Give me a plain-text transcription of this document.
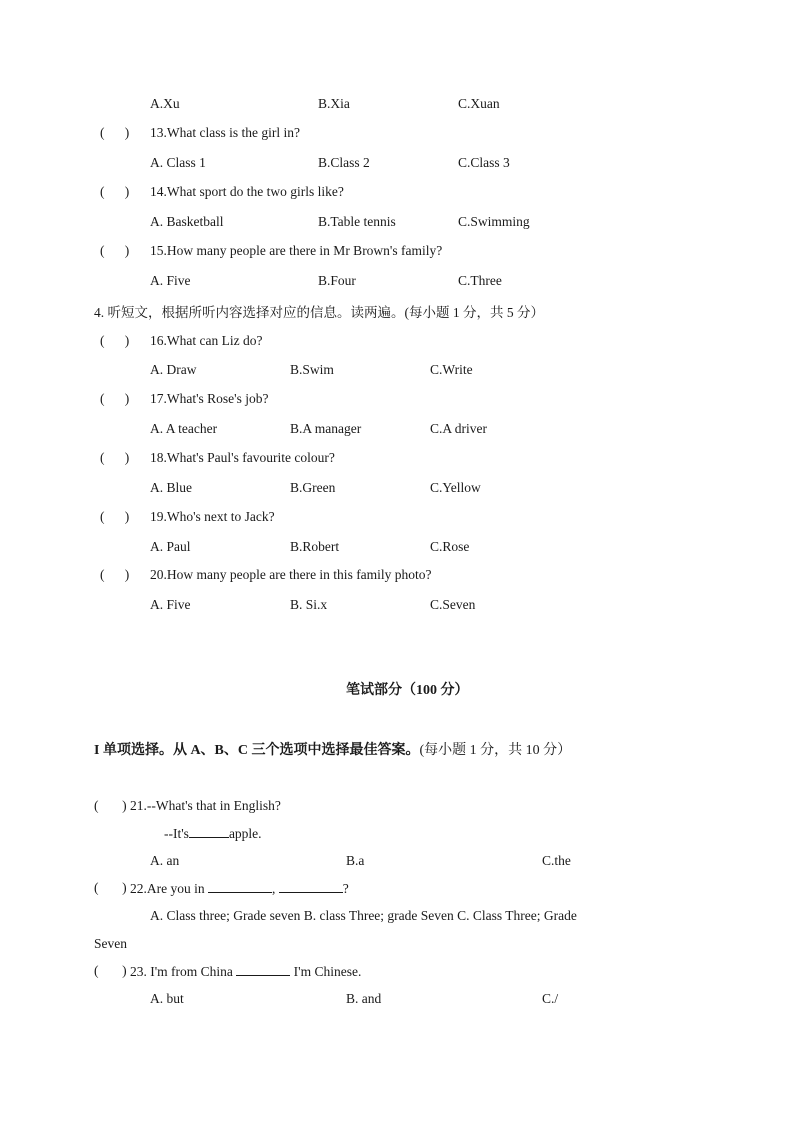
A.Xu	B.Xia	C.Xuan
(      ) 13.What class is the girl in?
A. Class 1	B.Class 2	C.Class 3
(      ) 14.What sport do the two girls like?
A. Basketball	B.Table tennis	C.Swimming
(      ) 15.How many people are there in Mr Brown's family?
A. Five	B.Four	C.Three
4. 听短文，根据所听内容选择对应的信息。读两遍。(每小题 1 分，共 5 分）
(      ) 16.What can Liz do?
A. Draw	B.Swim	C.Write
(      ) 17.What's Rose's job?
A. A teacher	B.A manager	C.A driver
(      ) 18.What's Paul's favourite colour?
A. Blue	B.Green	C.Yellow
(      ) 19.Who's next to Jack?
A. Paul	B.Robert	C.Rose
(      ) 20.How many people are there in this family photo?
A. Five	B. Si.x	C.Seven
笔试部分（100 分）
I 单项选择。从 A、B、C 三个选项中选择最佳答案。(每小题 1 分，共 10 分）
(       ) 21.--What's that in English?
--It's	apple.
A. an	B.a	C.the
(       ) 22.Are you in	,	?
A. Class three; Grade seven B. class Three; grade Seven C. Class Three; Grade
Seven
(       ) 23. I'm from China	I'm Chinese.
A. but	B. and	C./
